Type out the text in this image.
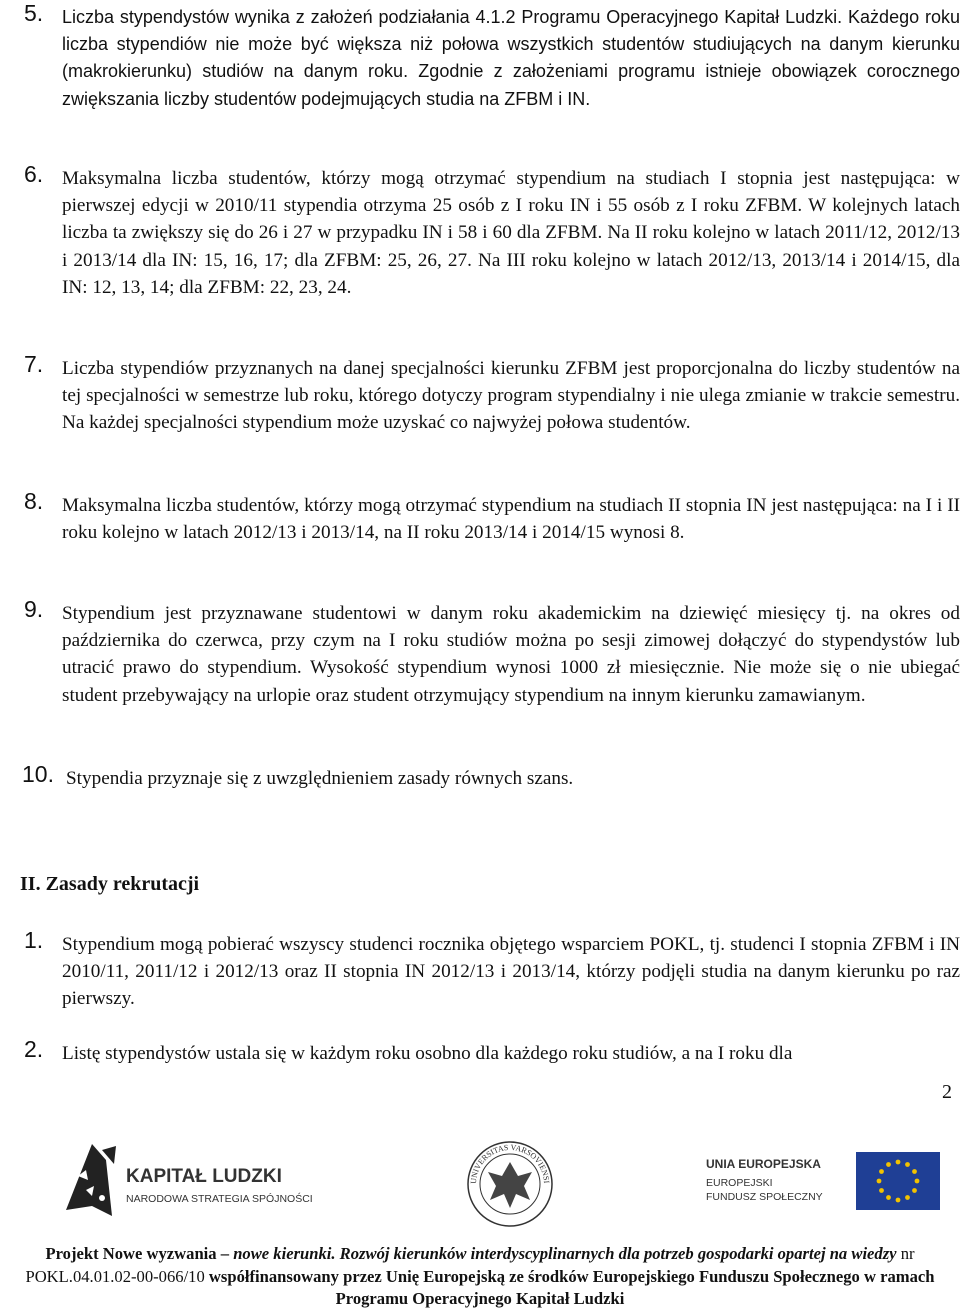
5. Liczba stypendystów wynika z założeń podziałania 4.1.2 Programu Operacyjnego Kapitał Ludzki. Każdego roku liczba stypendiów nie może być większa niż połowa wszystkich studentów studiujących na danym kierunku (makrokierunku) studiów na danym roku. Zgodnie z założeniami programu istnieje obowiązek corocznego zwiększania liczby studentów podejmujących studia na ZFBM i IN.

6. Maksymalna liczba studentów, którzy mogą otrzymać stypendium na studiach I stopnia jest następująca: w pierwszej edycji w 2010/11 stypendia otrzyma 25 osób z I roku IN i 55 osób z I roku ZFBM. W kolejnych latach liczba ta zwiększy się do 26 i 27 w przypadku IN i 58 i 60 dla ZFBM. Na II roku kolejno w latach 2011/12, 2012/13 i 2013/14 dla IN: 15, 16, 17; dla ZFBM: 25, 26, 27. Na III roku kolejno w latach 2012/13, 2013/14 i 2014/15, dla IN: 12, 13, 14; dla ZFBM: 22, 23, 24.

7. Liczba stypendiów przyznanych na danej specjalności kierunku ZFBM jest proporcjonalna do liczby studentów na tej specjalności w semestrze lub roku, którego dotyczy program stypendialny i nie ulega zmianie w trakcie semestru. Na każdej specjalności stypendium może uzyskać co najwyżej połowa studentów.

8. Maksymalna liczba studentów, którzy mogą otrzymać stypendium na studiach II stopnia IN jest następująca: na I i II roku kolejno w latach 2012/13 i 2013/14, na II roku 2013/14 i 2014/15 wynosi 8.

9. Stypendium jest przyznawane studentowi w danym roku akademickim na dziewięć miesięcy tj. na okres od października do czerwca, przy czym na I roku studiów można po sesji zimowej dołączyć do stypendystów lub utracić prawo do stypendium. Wysokość stypendium wynosi 1000 zł miesięcznie. Nie może się o nie ubiegać student przebywający na urlopie oraz student otrzymujący stypendium na innym kierunku zamawianym.

10. Stypendia przyznaje się z uwzględnieniem zasady równych szans.

II. Zasady rekrutacji
1. Stypendium mogą pobierać wszyscy studenci rocznika objętego wsparciem POKL, tj. studenci I stopnia ZFBM i IN 2010/11, 2011/12 i 2012/13 oraz II stopnia IN 2012/13 i 2013/14, którzy podjęli studia na danym kierunku po raz pierwszy.

2. Listę stypendystów ustala się w każdym roku osobno dla każdego roku studiów, a na I roku dla

2
KAPITAŁ LUDZKI
NARODOWA STRATEGIA SPÓJNOŚCI
UNIVERSITAS VARSOVIENSI
UNIA EUROPEJSKA
EUROPEJSKI
FUNDUSZ SPOŁECZNY

Projekt Nowe wyzwania – nowe kierunki. Rozwój kierunków interdyscyplinarnych dla potrzeb gospodarki opartej na wiedzy nr POKL.04.01.02-00-066/10 współfinansowany przez Unię Europejską ze środków Europejskiego Funduszu Społecznego w ramach Programu Operacyjnego Kapitał Ludzki
